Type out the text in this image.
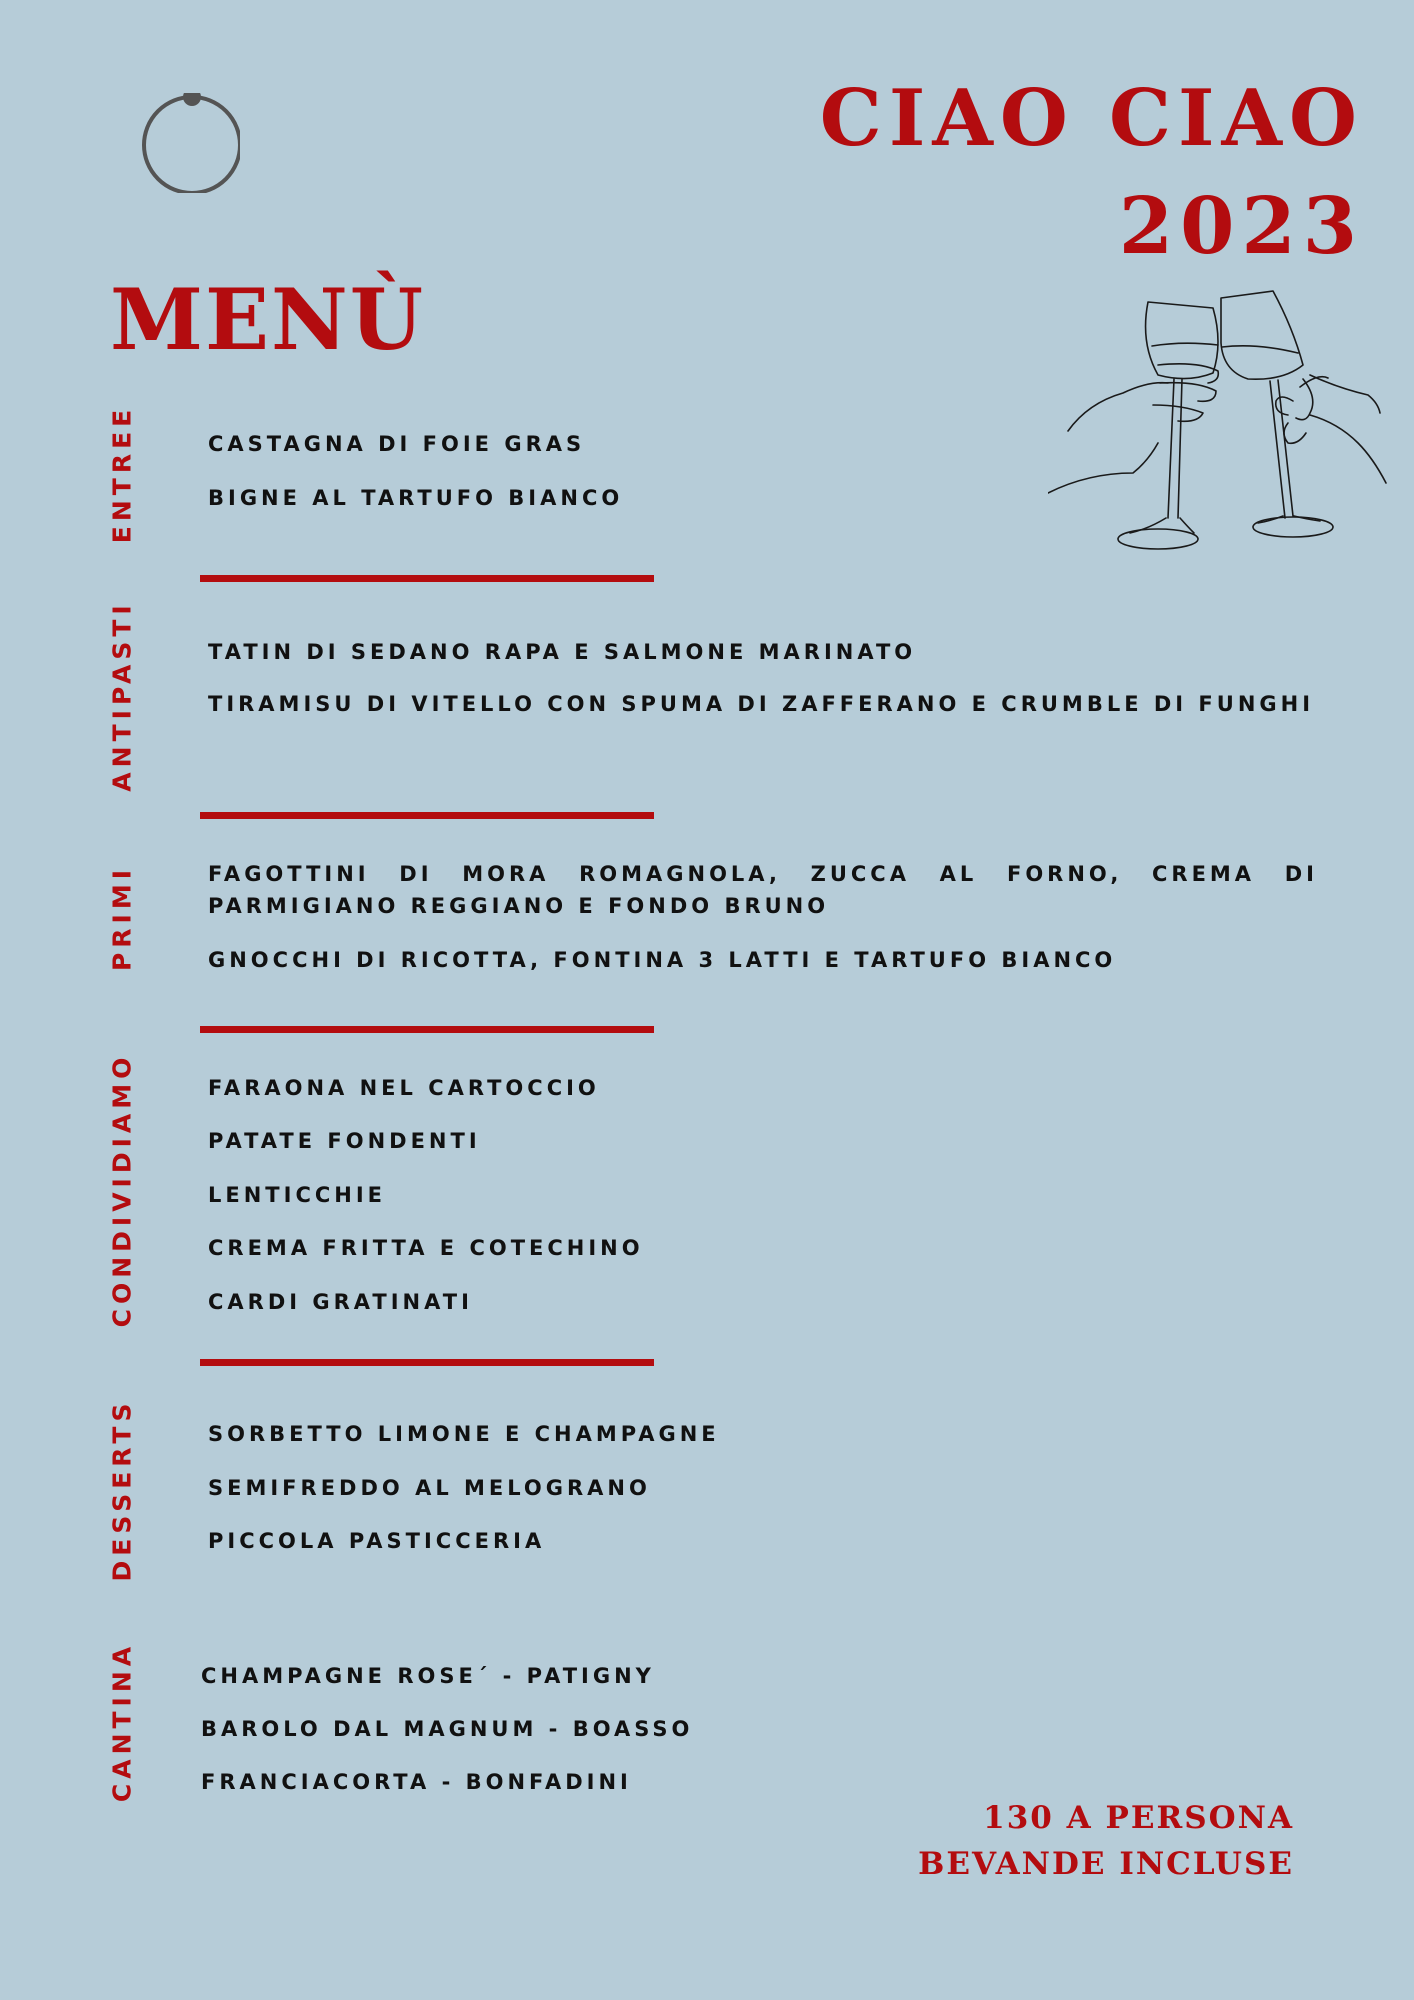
CIAO CIAO
2023
MENÙ
ENTREE	CASTAGNA DI FOIE GRAS

BIGNE AL TARTUFO BIANCO

ANTIPASTI	TATIN DI SEDANO RAPA E SALMONE MARINATO

TIRAMISU DI VITELLO CON SPUMA DI ZAFFERANO E CRUMBLE DI FUNGHI

PRIMI	FAGOTTINI DI MORA ROMAGNOLA, ZUCCA AL FORNO, CREMA DI PARMIGIANO REGGIANO E FONDO BRUNO

GNOCCHI DI RICOTTA, FONTINA 3 LATTI E TARTUFO BIANCO

CONDIVIDIAMO	FARAONA NEL CARTOCCIO

PATATE FONDENTI

LENTICCHIE

CREMA FRITTA E COTECHINO

CARDI GRATINATI

DESSERTS	SORBETTO LIMONE E CHAMPAGNE

SEMIFREDDO AL MELOGRANO

PICCOLA PASTICCERIA

CANTINA	CHAMPAGNE ROSE´ - PATIGNY

BAROLO DAL MAGNUM - BOASSO

FRANCIACORTA - BONFADINI

130 A PERSONA

BEVANDE INCLUSE
